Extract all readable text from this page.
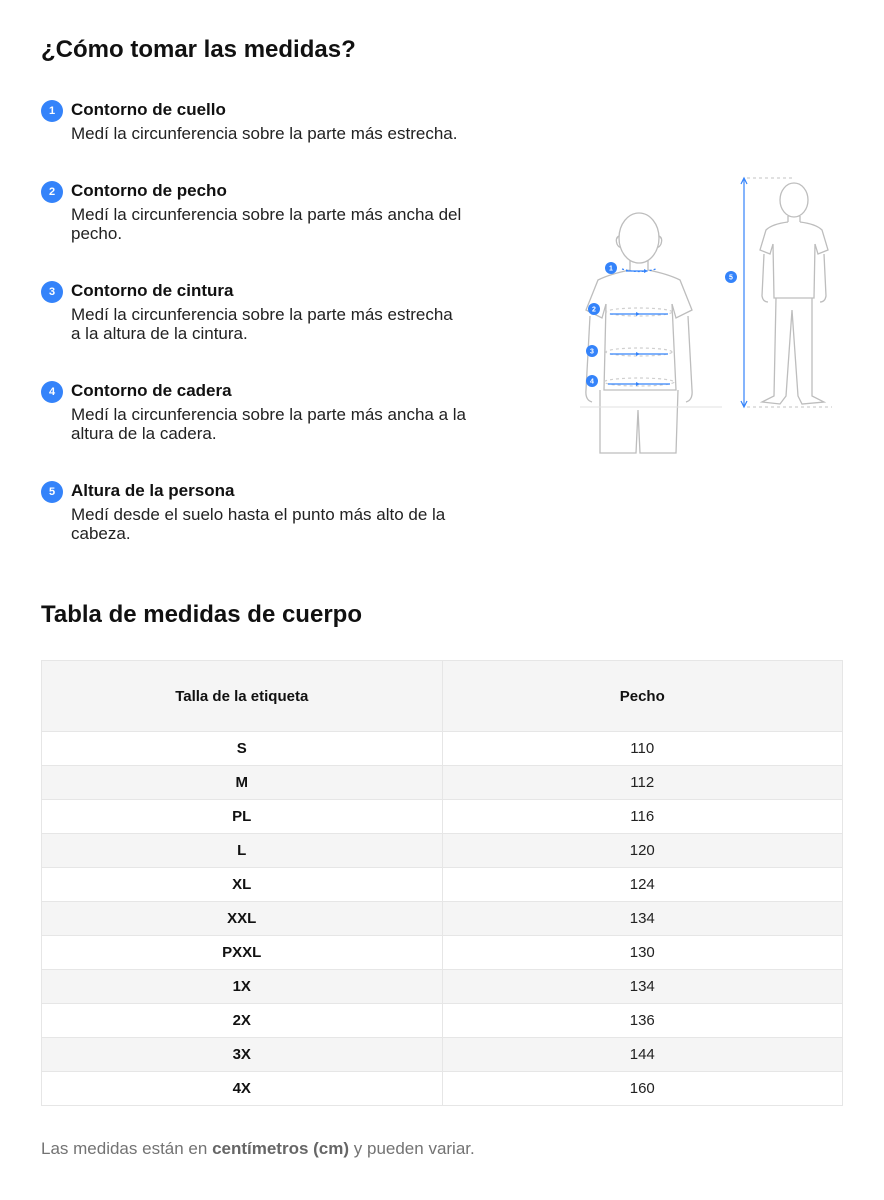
¿Cómo tomar las medidas?
1 Contorno de cuello
Medí la circunferencia sobre la parte más estrecha.
2 Contorno de pecho
Medí la circunferencia sobre la parte más ancha del
pecho.
3 Contorno de cintura
Medí la circunferencia sobre la parte más estrecha
a la altura de la cintura.
4 Contorno de cadera
Medí la circunferencia sobre la parte más ancha a la
altura de la cadera.
5 Altura de la persona
Medí desde el suelo hasta el punto más alto de la
cabeza.
1
2
3
4
5
Tabla de medidas de cuerpo
Talla de la etiqueta	Pecho
S	110
M	112
PL	116
L	120
XL	124
XXL	134
PXXL	130
1X	134
2X	136
3X	144
4X	160

Las medidas están en centímetros (cm) y pueden variar.
